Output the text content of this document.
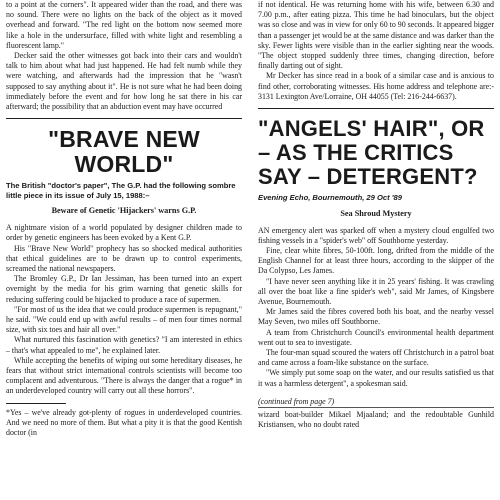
to a point at the corners". It appeared wider than the road, and there was no sound. There were no lights on the back of the object as it moved overhead and forward. "The red light on the bottom now seemed more like a hole in the undersurface, filled with white light and resembling a fluorescent lamp."

Decker said the other witnesses got back into their cars and wouldn't talk to him about what had just happened. He had felt numb while they were watching, and afterwards had the impression that he "wasn't supposed to say anything about it". He is not sure what he had been doing immediately before the event and for how long he sat there in his car afterward; the possibility that an abduction event may have occurred

"BRAVE NEW WORLD"

The British "doctor's paper", The G.P. had the following sombre little piece in its issue of July 15, 1988:–

Beware of Genetic 'Hijackers' warns G.P.

A nightmare vision of a world populated by designer children made to order by genetic engineers has been evoked by a Kent G.P.

His "Brave New World" prophecy has so shocked medical authorities that ethical guidelines are to be drawn up to control experiments, screamed the national newspapers.

The Bromley G.P., Dr Ian Jessiman, has been turned into an expert overnight by the media for his grim warning that genetic skills for reducing suffering could be hijacked to produce a race of supermen.

"For most of us the idea that we could produce supermen is repugnant," he said. "We could end up with awful results – of men four times normal size, with six toes and hair all over."

What nurtured this fascination with genetics? "I am interested in ethics – that's what appealed to me", he explained later.

While accepting the benefits of wiping out some hereditary diseases, he fears that without strict international controls scientists will become too complacent and adventurous. "There is always the danger that a rogue* in an underdeveloped country will carry out all these horrors".

*Yes – we've already got-plenty of rogues in underdeveloped countries. And we need no more of them. But what a pity it is that the good Kentish doctor (in

if not identical. He was returning home with his wife, between 6.30 and 7.00 p.m., after eating pizza. This time he had binoculars, but the object was so close and was in view for only 60 to 90 seconds. It appeared bigger than a passenger jet would be at the same distance and was darker than the sky. Fewer lights were visible than in the earlier sighting near the woods. "The object stopped suddenly three times, changing direction, before finally darting out of sight.

Mr Decker has since read in a book of a similar case and is anxious to find other, corroborating witnesses. His home address and telephone are:- 3131 Lexington Ave/Lorraine, OH 44055 (Tel: 216-244-6637).

"ANGELS' HAIR", OR – AS THE CRITICS SAY – DETERGENT?

Evening Echo, Bournemouth, 29 Oct '89

Sea Shroud Mystery

AN emergency alert was sparked off when a mystery cloud engulfed two fishing vessels in a "spider's web" off Southborne yesterday.

Fine, clear white fibres, 50-100ft. long, drifted from the middle of the English Channel for at least three hours, according to the skipper of the Da Colypso, Les James.

"I have never seen anything like it in 25 years' fishing. It was crawling all over the boat like a fine spider's web", said Mr James, of Kingsbere Avenue, Bournemouth.

Mr James said the fibres covered both his boat, and the nearby vessel May Seven, two miles off Southborne.

A team from Christchurch Council's environmental health department went out to sea to investigate.

The four-man squad scoured the waters off Christchurch in a patrol boat and came across a foam-like substance on the surface.

"We simply put some soap on the water, and our results satisfied us that it was a harmless detergent", a spokesman said.

(continued from page 7)

wizard boat-builder Mikael Mjaaland; and the redoubtable Gunhild Kristiansen, who no doubt rated
